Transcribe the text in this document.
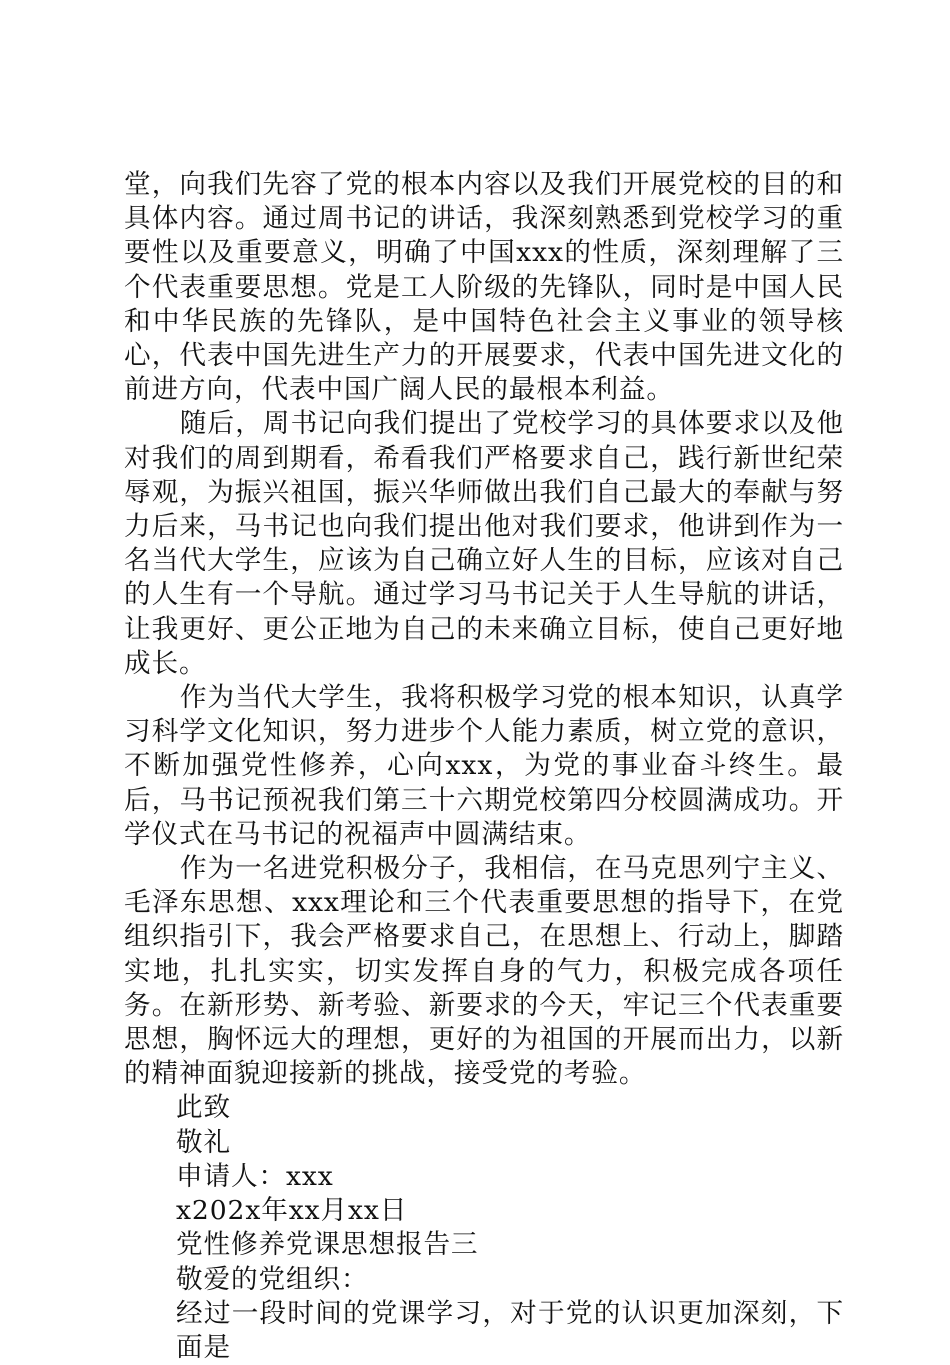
堂，向我们先容了党的根本内容以及我们开展党校的目的和具体内容。通过周书记的讲话，我深刻熟悉到党校学习的重要性以及重要意义，明确了中国xxx的性质，深刻理解了三个代表重要思想。党是工人阶级的先锋队，同时是中国人民和中华民族的先锋队，是中国特色社会主义事业的领导核心，代表中国先进生产力的开展要求，代表中国先进文化的前进方向，代表中国广阔人民的最根本利益。

随后，周书记向我们提出了党校学习的具体要求以及他对我们的周到期看，希看我们严格要求自己，践行新世纪荣辱观，为振兴祖国，振兴华师做出我们自己最大的奉献与努力后来，马书记也向我们提出他对我们要求，他讲到作为一名当代大学生，应该为自己确立好人生的目标，应该对自己的人生有一个导航。通过学习马书记关于人生导航的讲话，让我更好、更公正地为自己的未来确立目标，使自己更好地成长。

作为当代大学生，我将积极学习党的根本知识，认真学习科学文化知识，努力进步个人能力素质，树立党的意识，不断加强党性修养，心向xxx，为党的事业奋斗终生。最后，马书记预祝我们第三十六期党校第四分校圆满成功。开学仪式在马书记的祝福声中圆满结束。

作为一名进党积极分子，我相信，在马克思列宁主义、毛泽东思想、xxx理论和三个代表重要思想的指导下，在党组织指引下，我会严格要求自己，在思想上、行动上，脚踏实地，扎扎实实，切实发挥自身的气力，积极完成各项任务。在新形势、新考验、新要求的今天，牢记三个代表重要思想，胸怀远大的理想，更好的为祖国的开展而出力，以新的精神面貌迎接新的挑战，接受党的考验。

此致

敬礼

申请人：xxx

x202x年xx月xx日

党性修养党课思想报告三

敬爱的党组织：

经过一段时间的党课学习，对于党的认识更加深刻，下面是
